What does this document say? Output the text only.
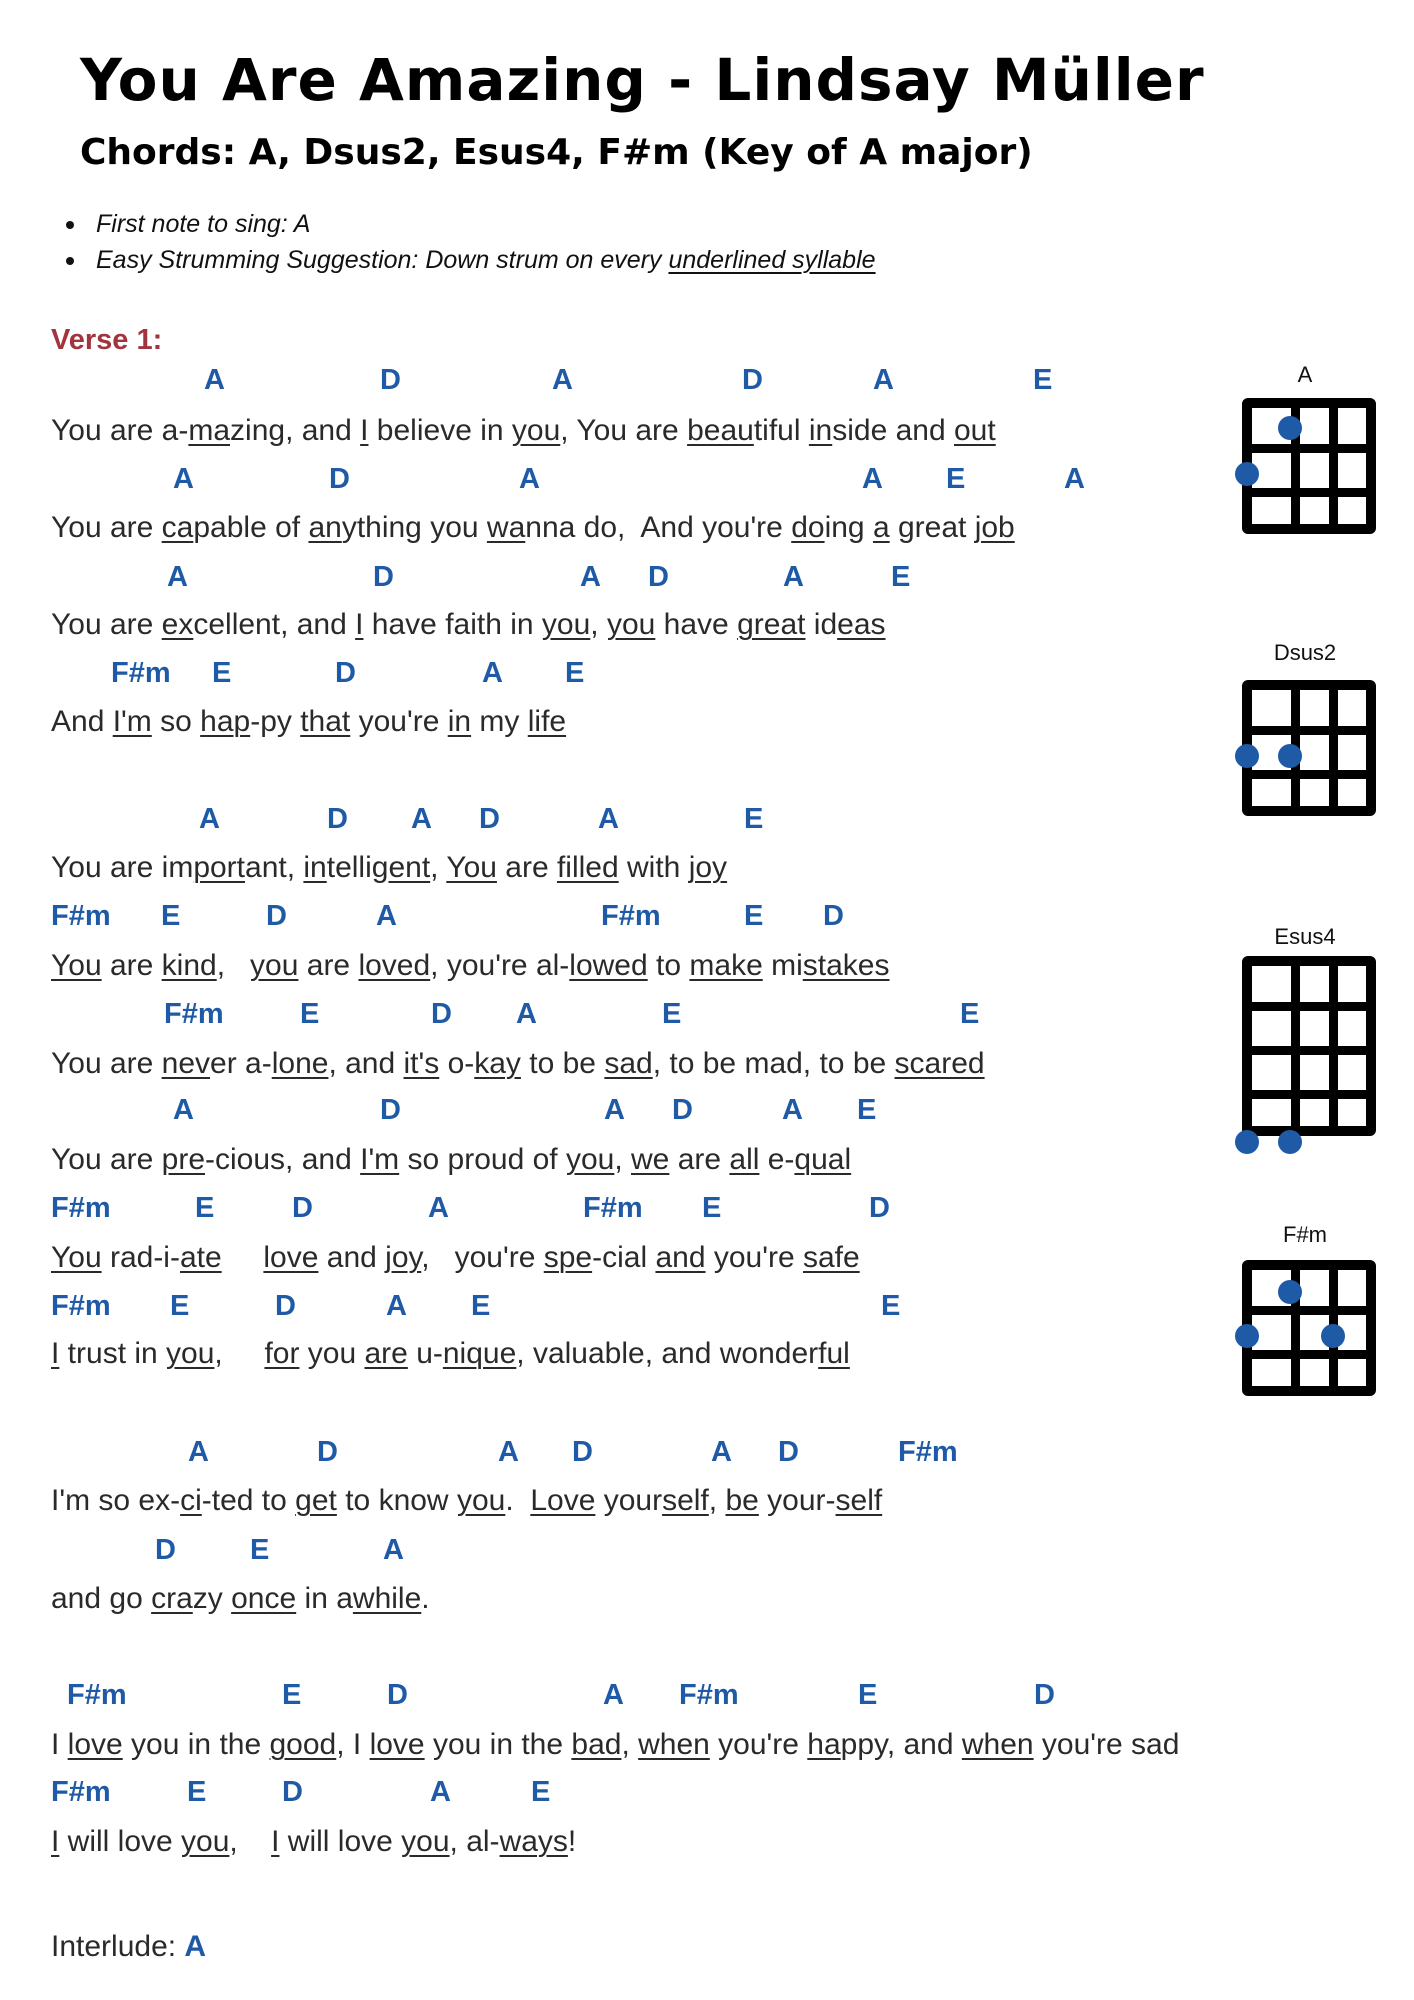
You Are Amazing - Lindsay Müller
Chords: A, Dsus2, Esus4, F#m (Key of A major)
First note to sing: A
Easy Strumming Suggestion: Down strum on every underlined syllable
Verse 1:
A	D	A	D	A	E
You are a-mazing, and I believe in you, You are beautiful inside and out
A	D	A	A E	A
You are capable of anything you wanna do,  And you're doing a great job
A	D	A D	A	E
You are excellent, and I have faith in you, you have great ideas
F#m E	D	A E
And I'm so hap-py that you're in my life
A	D A D	A	E
You are important, intelligent, You are filled with joy
F#m E	D	A	F#m	E D
You are kind,   you are loved, you're al-lowed to make mistakes
F#m	E	D A	E	E
You are never a-lone, and it's o-kay to be sad, to be mad, to be scared
A	D	A D	A E
You are pre-cious, and I'm so proud of you, we are all e-qual
F#m	E	D	A	F#m E	D
You rad-i-ate love and joy,   you're spe-cial and you're safe
F#m E	D	A E	E
I trust in you,     for you are u-nique, valuable, and wonderful
A	D	A D	A D	F#m
I'm so ex-ci-ted to get to know you.  Love yourself, be your-self
D	E	A
and go crazy once in awhile.
F#m	E	D	A F#m	E	D
I love you in the good, I love you in the bad, when you're happy, and when you're sad
F#m	E	D	A	E
I will love you,    I will love you, al-ways!
Interlude: A
A
Dsus2
Esus4
F#m
